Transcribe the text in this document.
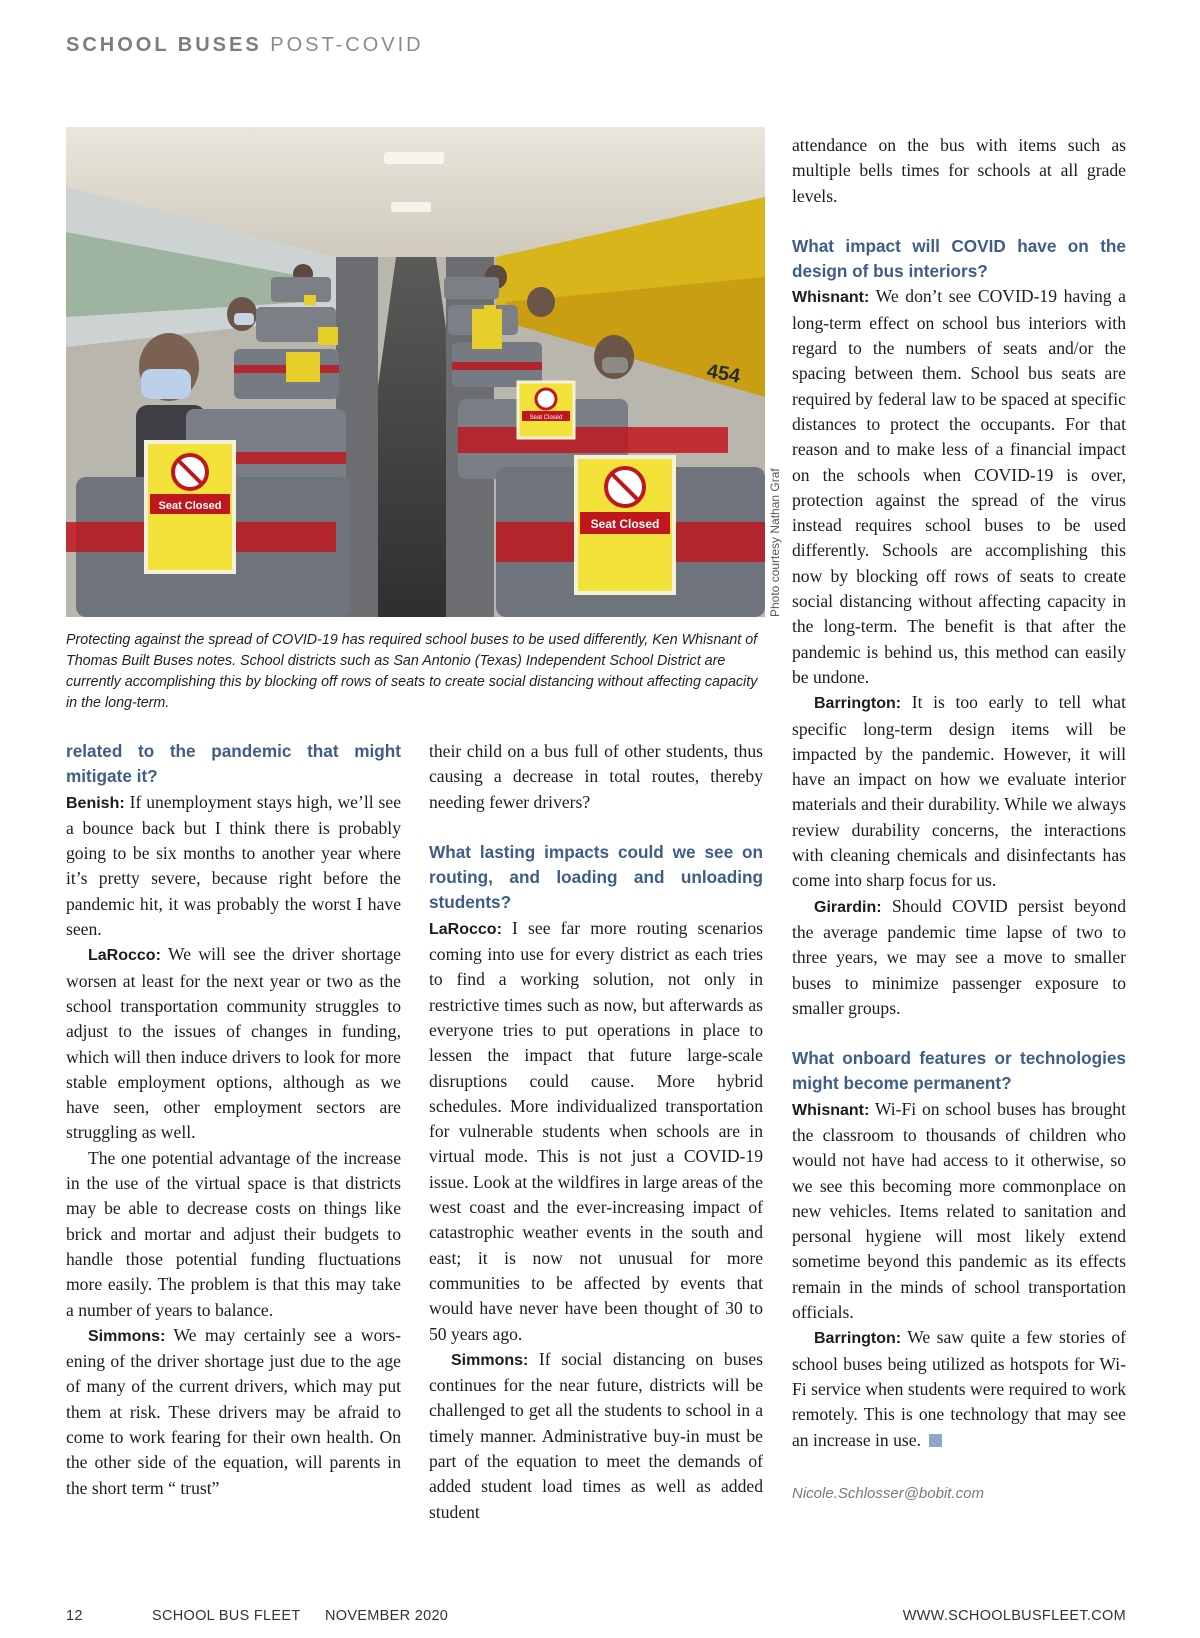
SCHOOL BUSES POST-COVID
454
Seat Closed
Seat Closed
Seat Closed	Photo courtesy Nathan Graf

Protecting against the spread of COVID-19 has required school buses to be used differently, Ken Whisnant of Thomas Built Buses notes. School districts such as San Antonio (Texas) Independent School District are currently accomplishing this by blocking off rows of seats to create social distancing without affecting capacity in the long-term.

related to the pandemic that might mitigate it?

Benish: If unemployment stays high, we’ll see a bounce back but I think there is probably going to be six months to another year where it’s pretty severe, because right before the pandemic hit, it was probably the worst I have seen.

LaRocco: We will see the driver shortage worsen at least for the next year or two as the school transportation community struggles to adjust to the issues of changes in funding, which will then induce drivers to look for more stable employment options, although as we have seen, other employment sectors are struggling as well.

The one potential advantage of the increase in the use of the virtual space is that districts may be able to decrease costs on things like brick and mortar and adjust their budgets to handle those potential funding fluctuations more easily. The problem is that this may take a number of years to balance.

Simmons: We may certainly see a worsening of the driver shortage just due to the age of many of the current drivers, which may put them at risk. These drivers may be afraid to come to work fearing for their own health. On the other side of the equation, will parents in the short term “ trust”

their child on a bus full of other students, thus causing a decrease in total routes, thereby needing fewer drivers?

What lasting impacts could we see on routing, and loading and unloading students?

LaRocco: I see far more routing scenarios coming into use for every district as each tries to find a working solution, not only in restrictive times such as now, but afterwards as everyone tries to put operations in place to lessen the impact that future large-scale disruptions could cause. More hybrid schedules. More individualized transportation for vulnerable students when schools are in virtual mode. This is not just a COVID-19 issue. Look at the wildfires in large areas of the west coast and the ever-increasing impact of catastrophic weather events in the south and east; it is now not unusual for more communities to be affected by events that would have never have been thought of 30 to 50 years ago.

Simmons: If social distancing on buses continues for the near future, districts will be challenged to get all the students to school in a timely manner. Administrative buy-in must be part of the equation to meet the demands of added student load times as well as added student

attendance on the bus with items such as multiple bells times for schools at all grade levels.

What impact will COVID have on the design of bus interiors?

Whisnant: We don’t see COVID-19 having a long-term effect on school bus interiors with regard to the numbers of seats and/or the spacing between them. School bus seats are required by federal law to be spaced at specific distances to protect the occupants. For that reason and to make less of a financial impact on the schools when COVID-19 is over, protection against the spread of the virus instead requires school buses to be used differently. Schools are accomplishing this now by blocking off rows of seats to create social distancing without affecting capacity in the long-term. The benefit is that after the pandemic is behind us, this method can easily be undone.

Barrington: It is too early to tell what specific long-term design items will be impacted by the pandemic. However, it will have an impact on how we evaluate interior materials and their durability. While we always review durability concerns, the interactions with cleaning chemicals and disinfectants has come into sharp focus for us.

Girardin: Should COVID persist beyond the average pandemic time lapse of two to three years, we may see a move to smaller buses to minimize passenger exposure to smaller groups.

What onboard features or technologies might become permanent?

Whisnant: Wi-Fi on school buses has brought the classroom to thousands of children who would not have had access to it otherwise, so we see this becoming more commonplace on new vehicles. Items related to sanitation and personal hygiene will most likely extend sometime beyond this pandemic as its effects remain in the minds of school transportation officials.

Barrington: We saw quite a few stories of school buses being utilized as hotspots for Wi-Fi service when students were required to work remotely. This is one technology that may see an increase in use.

Nicole.Schlosser@bobit.com
12	SCHOOL BUS FLEET NOVEMBER 2020	WWW.SCHOOLBUSFLEET.COM
